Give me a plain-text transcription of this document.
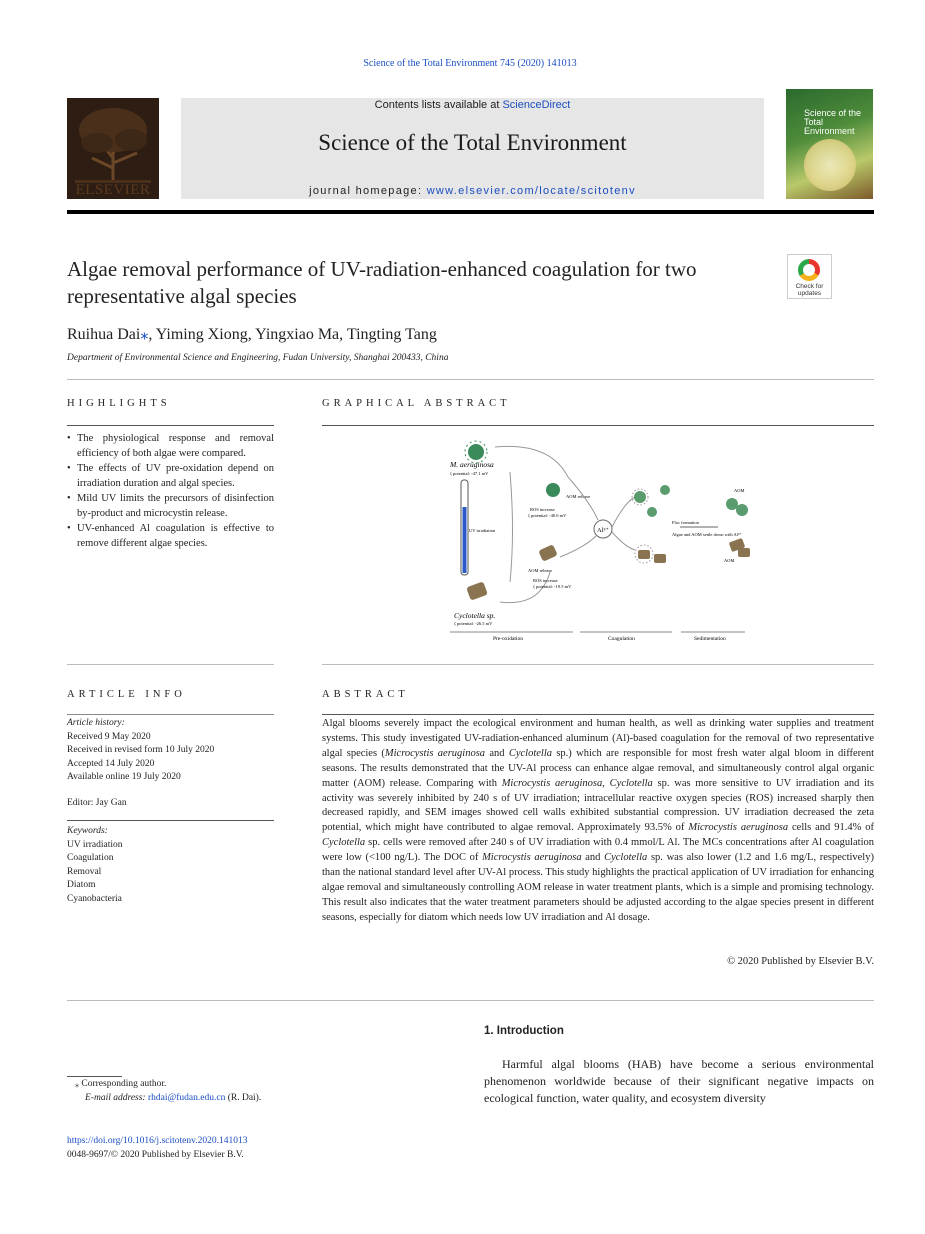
Science of the Total Environment 745 (2020) 141013
ELSEVIER
Contents lists available at ScienceDirect
Science of the Total Environment
journal homepage: www.elsevier.com/locate/scitotenv
Science of the Total Environment
Algae removal performance of UV-radiation-enhanced coagulation for two representative algal species	Check for updates
Ruihua Dai⁎, Yiming Xiong, Yingxiao Ma, Tingting Tang
Department of Environmental Science and Engineering, Fudan University, Shanghai 200433, China
HIGHLIGHTS
• The physiological response and removal efficiency of both algae were compared.
• The effects of UV pre-oxidation depend on irradiation duration and algal species.
• Mild UV limits the precursors of disinfection by-product and microcystin release.
• UV-enhanced Al coagulation is effective to remove different algae species.
GRAPHICAL ABSTRACT
M. aeruginosa
ζ potential: -47.1 mV
UV irradiation
Cyclotella sp.
ζ potential: -26.5 mV
AOM release
ROS increase
ζ potential: -40.6 mV
AOM release
ROS increase
ζ potential: -19.5 mV
Al³⁺
Floc formation
Algae and AOM settle down with Al³⁺
AOM
AOM
Pre-oxidation	Coagulation	Sedimentation
ARTICLE INFO
Article history:
Received 9 May 2020
Received in revised form 10 July 2020
Accepted 14 July 2020
Available online 19 July 2020
Editor: Jay Gan
Keywords:
UV irradiation
Coagulation
Removal
Diatom
Cyanobacteria
ABSTRACT
Algal blooms severely impact the ecological environment and human health, as well as drinking water supplies and treatment systems. This study investigated UV-radiation-enhanced aluminum (Al)-based coagulation for the removal of two representative algal species (Microcystis aeruginosa and Cyclotella sp.) which are responsible for most fresh water algal bloom in different seasons. The results demonstrated that the UV-Al process can enhance algae removal, and simultaneously control algal organic matter (AOM) release. Comparing with Microcystis aeruginosa, Cyclotella sp. was more sensitive to UV irradiation and its activity was severely inhibited by 240 s of UV irradiation; intracellular reactive oxygen species (ROS) increased sharply then decreased rapidly, and SEM images showed cell walls exhibited substantial compression. UV irradiation decreased the zeta potential, which might have contributed to algae removal. Approximately 93.5% of Microcystis aeruginosa cells and 91.4% of Cyclotella sp. cells were removed after 240 s of UV irradiation with 0.4 mmol/L Al. The MCs concentrations after Al coagulation were low (<100 ng/L). The DOC of Microcystis aeruginosa and Cyclotella sp. was also lower (1.2 and 1.6 mg/L, respectively) than the national standard level after UV-Al process. This study highlights the practical application of UV irradiation for enhancing algae removal and simultaneously controlling AOM release in water treatment plants, which is a simple and promising technology. This result also indicates that the water treatment parameters should be adjusted according to the algae species present in different seasons, especially for diatom which needs low UV irradiation and Al dosage.
© 2020 Published by Elsevier B.V.
1. Introduction
Harmful algal blooms (HAB) have become a serious environmental phenomenon worldwide because of their significant negative impacts on ecological function, water quality, and ecosystem diversity
⁎ Corresponding author.
E-mail address: rhdai@fudan.edu.cn (R. Dai).
https://doi.org/10.1016/j.scitotenv.2020.141013
0048-9697/© 2020 Published by Elsevier B.V.
